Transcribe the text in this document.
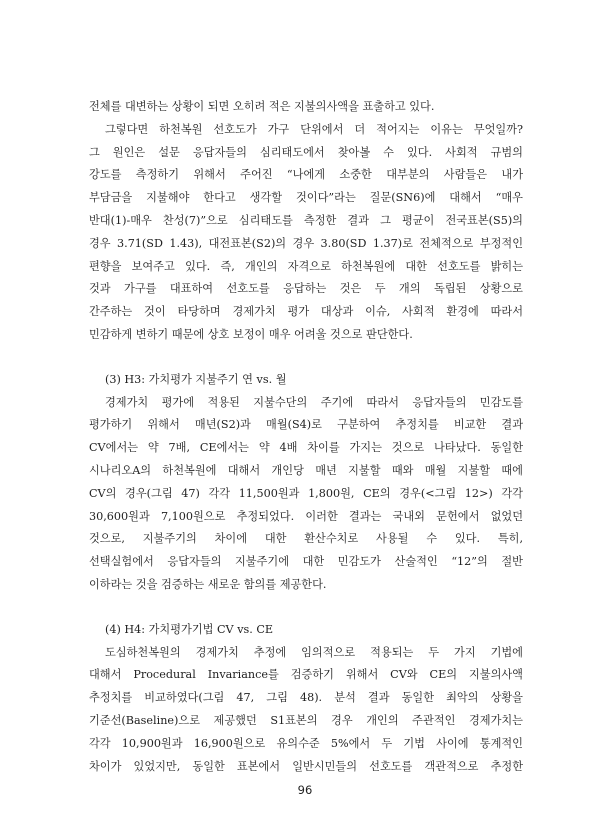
전체를 대변하는 상황이 되면 오히려 적은 지불의사액을 표출하고 있다.
그렇다면 하천복원 선호도가 가구 단위에서 더 적어지는 이유는 무엇일까?
그 원인은 설문 응답자들의 심리태도에서 찾아볼 수 있다. 사회적 규범의
강도를 측정하기 위해서 주어진 “나에게 소중한 대부분의 사람들은 내가
부담금을 지불해야 한다고 생각할 것이다”라는 질문(SN6)에 대해서 “매우
반대(1)-매우 찬성(7)”으로 심리태도를 측정한 결과 그 평균이 전국표본(S5)의
경우 3.71(SD 1.43), 대전표본(S2)의 경우 3.80(SD 1.37)로 전체적으로 부정적인
편향을 보여주고 있다. 즉, 개인의 자격으로 하천복원에 대한 선호도를 밝히는
것과 가구를 대표하여 선호도를 응답하는 것은 두 개의 독립된 상황으로
간주하는 것이 타당하며 경제가치 평가 대상과 이슈, 사회적 환경에 따라서
민감하게 변하기 때문에 상호 보정이 매우 어려울 것으로 판단한다.
(3) H3: 가치평가 지불주기 연 vs. 월
경제가치 평가에 적용된 지불수단의 주기에 따라서 응답자들의 민감도를
평가하기 위해서 매년(S2)과 매월(S4)로 구분하여 추정치를 비교한 결과
CV에서는 약 7배, CE에서는 약 4배 차이를 가지는 것으로 나타났다. 동일한
시나리오A의 하천복원에 대해서 개인당 매년 지불할 때와 매월 지불할 때에
CV의 경우(그림 47) 각각 11,500원과 1,800원, CE의 경우(<그림 12>) 각각
30,600원과 7,100원으로 추정되었다. 이러한 결과는 국내외 문헌에서 없었던
것으로, 지불주기의 차이에 대한 환산수치로 사용될 수 있다. 특히,
선택실험에서 응답자들의 지불주기에 대한 민감도가 산술적인 “12”의 절반
이하라는 것을 검증하는 새로운 함의를 제공한다.
(4) H4: 가치평가기법 CV vs. CE
도심하천복원의 경제가치 추정에 임의적으로 적용되는 두 가지 기법에
대해서 Procedural Invariance를 검증하기 위해서 CV와 CE의 지불의사액
추정치를 비교하였다(그림 47, 그림 48). 분석 결과 동일한 최악의 상황을
기준선(Baseline)으로 제공했던 S1표본의 경우 개인의 주관적인 경제가치는
각각 10,900원과 16,900원으로 유의수준 5%에서 두 기법 사이에 통계적인
차이가 있었지만, 동일한 표본에서 일반시민들의 선호도를 객관적으로 추정한
96
